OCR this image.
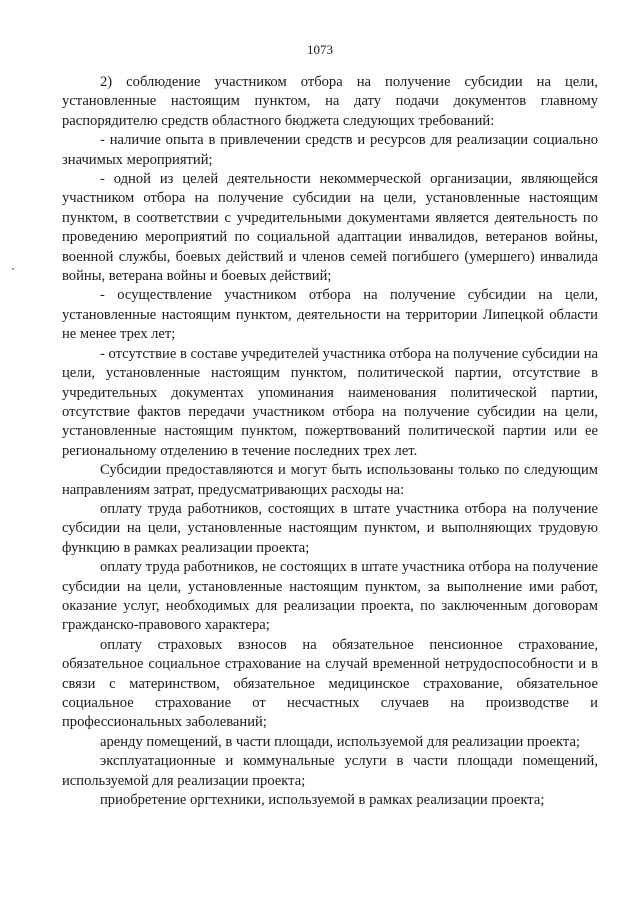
1073

2) соблюдение участником отбора на получение субсидии на цели, установленные настоящим пунктом, на дату подачи документов главному распорядителю средств областного бюджета следующих требований:

- наличие опыта в привлечении средств и ресурсов для реализации социально значимых мероприятий;

- одной из целей деятельности некоммерческой организации, являющейся участником отбора на получение субсидии на цели, установленные настоящим пунктом, в соответствии с учредительными документами является деятельность по проведению мероприятий по социальной адаптации инвалидов, ветеранов войны, военной службы, боевых действий и членов семей погибшего (умершего) инвалида войны, ветерана войны и боевых действий;

- осуществление участником отбора на получение субсидии на цели, установленные настоящим пунктом, деятельности на территории Липецкой области не менее трех лет;

- отсутствие в составе учредителей участника отбора на получение субсидии на цели, установленные настоящим пунктом, политической партии, отсутствие в учредительных документах упоминания наименования политической партии, отсутствие фактов передачи участником отбора на получение субсидии на цели, установленные настоящим пунктом, пожертвований политической партии или ее региональному отделению в течение последних трех лет.

Субсидии предоставляются и могут быть использованы только по следующим направлениям затрат, предусматривающих расходы на:

оплату труда работников, состоящих в штате участника отбора на получение субсидии на цели, установленные настоящим пунктом, и выполняющих трудовую функцию в рамках реализации проекта;

оплату труда работников, не состоящих в штате участника отбора на получение субсидии на цели, установленные настоящим пунктом, за выполнение ими работ, оказание услуг, необходимых для реализации проекта, по заключенным договорам гражданско-правового характера;

оплату страховых взносов на обязательное пенсионное страхование, обязательное социальное страхование на случай временной нетрудоспособности и в связи с материнством, обязательное медицинское страхование, обязательное социальное страхование от несчастных случаев на производстве и профессиональных заболеваний;

аренду помещений, в части площади, используемой для реализации проекта;

эксплуатационные и коммунальные услуги в части площади помещений, используемой для реализации проекта;

приобретение оргтехники, используемой в рамках реализации проекта;
